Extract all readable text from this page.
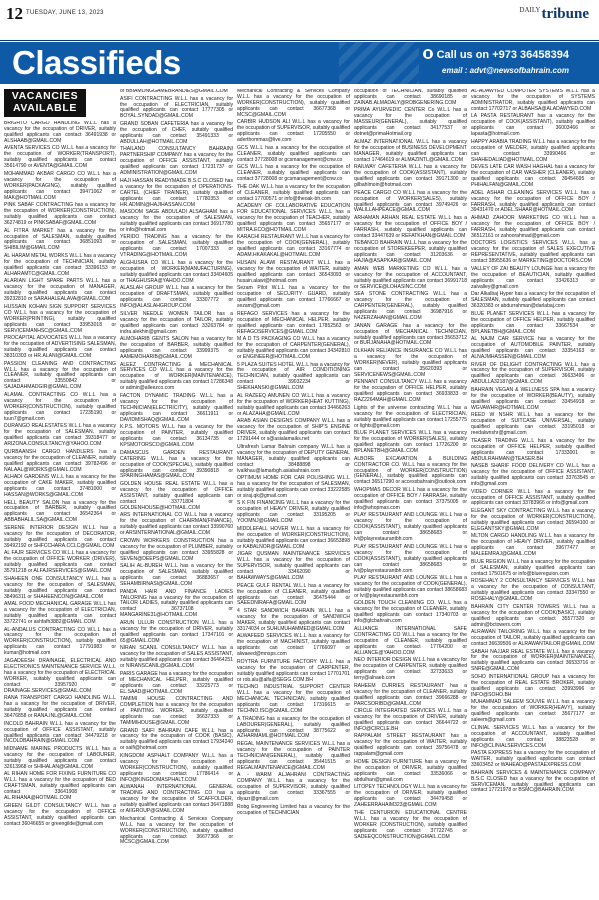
12 TUESDAY, JUNE 13, 2023	$^{DAILY}$tribune
Classifieds	Call us on +973 36458394
email : advt@newsofbahrain.com
VACANCIES AVAILABLE

BRIGHTO CARGO HANDLING W.L.L has a vacancy for the occupation of DRIVER, suitably qualified applicants can contact 36491938 or ALSHAAB@GMAIL.COM

AVENTA SERVICES CO W.L.L has a vacancy for the occupation of WORKER(TRANSPORT), suitably qualified applicants can contact 35614790 or AVENTA@GMAIL.COM

MOHAMMAD AKBAR CARGO CO W.L.L has a vacancy for the occupation of WORKER(PACKAGING), suitably qualified applicants can contact 39471062 or MAK@HOTMAIL.COM

PINK SABAF CONTRACTING has a vacancy for the occupation of WORKER(CONSTRUCTION), suitably qualified applicants can contact 36274819 or PINKSABAF@GMAIL.COM

AL FITRA MARKET has a vacancy for the occupation of SALESMAN, suitably qualified applicants can contact 36851093 or SHIBILIM@GMAIL.COM

AL HARAM METAL WORKS W.L.L has a vacancy for the occupation of TECHNICIAN, suitably qualified applicants can contact 33396153 or ALHARAMTC@GMAIL.COM

ALARIAN LIGHT SPARE PARTS W.L.L has a vacancy for the occupation of MANAGER, suitably qualified applicants can contact 39232810 or SARAHALEALAVA@GMAIL.COM

HUSSAIN KOHAN SIGN SUPPORT SERVICES CO W.L.L has a vacancy for the occupation of WORKER(PRINTING), suitably qualified applicants can contact 33953018 or SERVICEMANHSC@GMAIL.COM

PROCAPITAL ADVOCATES W.L.L has a vacancy for the occupation of ADVERTISING SALESMAN, suitably qualified applicants can contact 38310303 or HR.ALANI@GMAIL.COM

PASSION CLEANING AND CONTRACTING W.L.L has a vacancy for the occupation of CLEANER, suitably qualified applicants can contact 33550842 or SAJADAHMADGIR@GMAIL.COM

ALAMAL CONTRACTING CO W.L.L has a vacancy for the occupation of WORKER(CONSTRUCTION), suitably qualified applicants can contact 17235190 or tuun7@gmail.com

DURANGO REALESTATES W.L.L has a vacancy for the occupation of SALESMAN, suitably qualified applicants can contact 39318477 or ARIZONA.CONSULTANCY@YAHOO.COM

QURBAANSH CARGO HANDLERS has a vacancy for the occupation of CLEANER, suitably qualified applicants can contact 39782496 or NALAAL@WORKS@GMAIL.COM

ALHADI GARDENS W.L.L has a vacancy for the occupation of CAKE MAKER, suitably qualified applicants can contact 37481000 or HASSAN@WORKS@GMAIL.COM

HELL BEAUTY SALON has a vacancy for the occupation of BARBER, suitably qualified applicants can contact 36542364 or ABBABHALIL.SA@GMAIL.COM

SERENE INTERIOR DESIGN W.L.L has a vacancy for the occupation of DECORATOR, suitably qualified applicants can contact 39492192 or SHFCCHARA.CCLC@GMAIL.COM

AL FAJR SERVICES CO W.L.L has a vacancy for the occupation of OFFICE WORKER (DRIVER), suitably qualified applicants can contact 35791218 or ALFAJRSERVICES@GMAIL.COM

SHAHEEN ONE CONSULTANCY W.L.L has a vacancy for the occupation of SALESMAN, suitably qualified applicants can contact 38496311 or SHAHEENCON@GMAIL.COM

AMAL FOOD MECHANICAL GARAGE W.L.L has a vacancy for the occupation of ELECTRICIAN, suitably qualified applicants can contact 33722741 or ashfafh3882@GMAIL.COM

AL-ANDALUS CONTRACTING CO W.L.L has a vacancy for the occupation of WORKER(CONSTRUCTION), suitably qualified applicants can contact 17791983 or kumar@hotmail.com

JAGADEESH DRAINAGE, ELECTRICAL AND ELECTRONICS MAINTENANCE SERVICE W.L.L has a vacancy for the occupation of ELECTRICAL WORKER, suitably qualified applicants can contact 33957920 or DRAINAGE.SERVICES@GMAIL.COM

RANA TRANSPORT CARGO HANDLING W.L.L has a vacancy for the occupation of DRIVER, suitably qualified applicants can contact 36476858 or RANA.INL@GMAIL.COM

INCOLD BAHRAIN W.L.L has a vacancy for the occupation of OFFICE ASSISTANT, suitably qualified applicants can contact 34479218 or INCOLDBAHRAIN@GMAIL.COM

MIDNAME MARINE PRODUCTS W.L.L has a vacancy for the occupation of LABOURER, suitably qualified applicants can contact 32613968 or SHIHALAN@GMAIL.COM

AL RIHAN HOME FOR FIXING FURNITURE CO W.L.L has a vacancy for the occupation of BED CRAFTSMAN, suitably qualified applicants can contact 33641908 or AL.RIHANA@HOTMAIL.COM

GREEN GILDT CONSULTANCY W.L.L has a vacancy for the occupation of OFFICE ASSISTANT, suitably qualified applicants can contact 36046655 or greengilde@gmail.com

or BBIAMONGGAMEBRANDIES@GMAIL.COM

ASIFI CONTRACTING W.L.L has a vacancy for the occupation of ELECTRICIAN, suitably qualified applicants can contact 17777305 or BOYAL.SYNDAD@GMAIL.COM

GRAND SOBAN CAFETERIA has a vacancy for the occupation of CHEF, suitably qualified applicants can contact 35491333 or ABDULLAH@HOTMAIL.COM

THAILAND CONSULTANCY BAHRAINI PARTNERSHIP COMPANY has a vacancy for the occupation of OFFICE ASSISTANT, suitably qualified applicants can contact 17231737 or ADMINISTRATION@GMAIL.COM

HAJI HASSAN READYMADE B.S.C CLOSED has a vacancy for the occupation of OPERATIONS-CARTEL (CHIEF TRAINER), suitably qualified applicants can contact 17780353 or HR.ADMIN@HAJIHASSAN.COM

MASOOM SAGE ABDULADI ALSAGHAM has a vacancy for the occupation of SALESMAN, suitably qualified applicants can contact 36917780 or info@hotmail.com

YERIDO TRADING has a vacancy for the occupation of SALESMAN, suitably qualified applicants can contact 17007333 or VTRADING@HOTMAIL.COM

ALGHUSRA CO W.L.L has a vacancy for the occupation of WORKER(MANUFACTURING), suitably qualified applicants can contact 33404605 or THAGHUSRA@YAHOO.COM

ALASLAH GROUP W.L.L has a vacancy for the occupation of DRAFTSMAN, suitably qualified applicants can contact 33307772 or INFO@ALASLAHGROUP.COM

SILVER NEEDLE WOMEN TAILOR has a vacancy for the occupation of TAILOR, suitably qualified applicants can contact 33263784 or indra.alekhin@gmail.com

ALMOHARIB GENTS SALON has a vacancy for the occupation of BARBER, suitably qualified applicants can contact 33999375 or AAMEMOHARIB@GMAIL.COM

ALEEZ CONTRACTING & MECHANICAL SERVICES CO W.L.L has a vacancy for the occupation of WORKER(MAINTENANCE), suitably qualified applicants can contact 17286348 or admin@alleezco.com

FACTON DYNAMIC TRADING W.L.L has a vacancy for the occupation of TECHNICIAN(ELECTRICITY), suitably qualified applicants can contact 36611911 or DAVIDMISHAQ@GMAIL.COM

K.P.S. MOTORS W.L.L has a vacancy for the occupation of PAINTER, suitably qualified applicants can contact 36134735 or KPSMOTORSCO@GMAIL.COM

DAMASCUS GARDEN RESTAURANT CATERING W.L.L has a vacancy for the occupation of COOK(SPECIAL), suitably qualified applicants can contact 39390818 or SPARINGHAMAS@GMAIL.COM

GOLDEN HOUSE REAL ESTATE W.L.L has a vacancy for the occupation of OFFICE ASSISTANT, suitably qualified applicants can contact 33771804 or GOLDENHOUSE@HOTMAIL.COM

ARS INTERNATIONAL CO W.L.L has a vacancy for the occupation of CHAIRMAN(FINANCE), suitably qualified applicants can contact 33990760 or ARSINTERNATIONAL@GMAIL.COM

CROWN WORKERS CONSTRUCTION has a vacancy for the occupation of PLUMBER, suitably qualified applicants can contact 33955828 or SEVEN@DEEPS@GMAIL.COM

SALIH AL-BUREH W.L.L has a vacancy for the occupation of SALESMAN, suitably qualified applicants can contact 36883657 or SEHAMBIRNASI@GMAIL.COM

PANDA HAIR AND FINANCE LADIES TAILORING has a vacancy for the occupation of TAILOR LADIES, suitably qualified applicants can contact 36737108 or MANGARINE31@HOTMAIL.COM

ARUN ULLUR CONSTRUCTION W.L.L has a vacancy for the occupation of DRIVER, suitably qualified applicants can contact 17347101 or 65@GMAIL.COM

NIRAN SCANIL CONSULTANCY W.L.L has a vacancy for the occupation of SALES ASSISTANT, suitably qualified applicants can contact 36464251 or NIRANSCANIL@GMAIL.COM

PARIS GARAGE has a vacancy for the occupation of MECHANICAL HELPER, suitably qualified applicants can contact 33225773 or EL.SAAD@HOTMAIL.COM

TAMIMI HOUSE CONTRACTING AND COMPLETION has a vacancy for the occupation of PAINTING WORKER, suitably qualified applicants can contact 36637333 or TAMIMIHOUSE@GMAIL.COM

GRAND SAIFI BAHRAIN CAFE W.L.L has a vacancy for the occupation of COOK (BASIC), suitably qualified applicants can contact 17934240 or saifi@hotmail.com

KINGDOM ASPHALT COMPANY W.L.L has a vacancy for the occupation of WORKER(CONSTRUCTION), suitably qualified applicants can contact 17786414 or INFO@KINGDOMASPHALT.COM

ALWANAH INTERNATIONAL GENERAL TRADING AND CONTRACTING CO has a vacancy for the occupation of SCAFFOLDER, suitably qualified applicants can contact 36471888 or AIIGROUP@GMAIL.COM

Mechanical Contracting & Services Company W.L.L has a vacancy for the occupation of WORKER(CONSTRUCTION), suitably qualified applicants can contact 36677368 or MCSC@GMAIL.COM

Mechanical Contracting & Services Company W.L.L has a vacancy for the occupation of WORKER(CONSTRUCTION), suitably qualified applicants can contact 36677368 or MCSC@GMAIL.COM

CARBIR HUDSON ALI W.L.L has a vacancy for the occupation of SUPERVISOR, suitably qualified applicants can contact 17205550 or aderthommas@live.com

GCS W.L.L has a vacancy for the occupation of CLEANER, suitably qualified applicants can contact 37728008 or gcsmanagement@cnw.co

GCS W.L.L has a vacancy for the occupation of CLEANER, suitably qualified applicants can contact 37728008 or gcsmanagement@cnw.co

THE OAK W.L.L has a vacancy for the occupation of CLEANER, suitably qualified applicants can contact 17700571 or info@theoak-bh.com

ACADEMY OF COLLABORATIVE EDUCATION FOR EDUCATIONAL SERVICES W.L.L has a vacancy for the occupation of TEACHER, suitably qualified applicants can contact 35657177 or MITRA.ECO@HOTMAIL.COM

KARACHI RESTAURANT W.L.L has a vacancy for the occupation of COOK(GENERAL), suitably qualified applicants can contact 33167774 or ADAM.HKAKAKAL@HOTMAIL.COM

HUSAIN ALAWI RESTAURANT W.L.L has a vacancy for the occupation of WAITER, suitably qualified applicants can contact 36543093 or husain.alawi@hotmail.com

Sezam Pilot W.L.L has a vacancy for the occupation of SECURITY GUARD, suitably qualified applicants can contact 17766667 or sezam@gmail.com

REFAGO SERVICES has a vacancy for the occupation of MECHANICAL HELPER, suitably qualified applicants can contact 17852563 or REFAGOSERVICES@GMAIL.COM

M A D TS PACKAGING CO W.L.L has a vacancy for the occupation of CARPENTER(GENERAL), suitably qualified applicants can contact 34342810 or ENGINEER@HOTMAIL.COM

5 PLAZA SUITES HOTEL W.L.L has a vacancy for the occupation of AIR CONDITIONING TECHNICIAN, suitably qualified applicants can contact 39032234 or SHEKHANSKI@GMAIL.COM

AL RAZEEQ AMUNEN CO W.L.L has a vacancy for the occupation of WORKER(HEAT KUTTING), suitably qualified applicants can contact 34466263 or ALAZAHA@GMAIL.COM

ARAB ASIAN DESIGNS COMPANY W.L.L has a vacancy for the occupation of SHIP'S ENGINE DRIVER, suitably qualified applicants can contact 17291444 or s@asialamaiks.net

Ultrafresh Lamar Bahrain company W.L.L has a vacancy for the occupation of DEPUTY GENERAL MANAGER, suitably qualified applicants can contact 38488898 or lvalkhau@lamarbgh.asiabahrain.com

OPTIMUM HOME FOR CAR POLISHING W.L.L has a vacancy for the occupation of SALESMAN, suitably qualified applicants can contact 33222585 or siraj.qk@gmail.com

S K FIN FINANCING W.L.L has a vacancy for the occupation of HEAVY DRIVER, suitably qualified applicants can contact 33195205 or YOOMNJ@GMAIL.COM

MIDDLEFALL HOVER W.L.L has a vacancy for the occupation of WORKER(CONSTRUCTION), suitably qualified applicants can contact 36653898 or KABALNOR@GMAIL.COM

JIGAR QUSMAN MAINTENANCE SERVICES W.L.L has a vacancy for the occupation of SUPERVISOR, suitably qualified applicants can contact 33462090 or BAHAWWAYS@GMAIL.COM

PEACE GULF RENTAL W.L.L has a vacancy for the occupation of CLEANER, suitably qualified applicants can contact 36475444 or SAEEDNIRAFA@GMAIL.COM

4 STAR SANDWICH BAHRAIN W.L.L has a vacancy for the occupation of SANDWICH MAKER, suitably qualified applicants can contact 33174034 or SUHLMUHAMMED@GMAIL.COM

ALWAFEED SERVICES W.L.L has a vacancy for the occupation of MACHINIST, suitably qualified applicants can contact 17766097 or alwaeed@mnsps.com

ROYTRA FURNITURE FACTORY W.L.L has a vacancy for the occupation of CARPENTER, suitably qualified applicants can contact 17701701 or rob.alu@alfa@SEGG.COM.BH

TECHNO INDUSTRIAL SUPPORT CENTER W.L.L has a vacancy for the occupation of MECHANICAL TECHNICIAN, suitably qualified applicants can contact 17316615 or TECHNO.ISC@GMAIL.COM

A TRADING has a vacancy for the occupation of LABOURER(GENERAL), suitably qualified applicants can contact 38775622 or AZHARMAML@HOTMAIL.COM

REGAL MAINTENANCE SERVICES W.L.L has a vacancy for the occupation of PAINTER TECHNICIAN(GENERAL), suitably qualified applicants can contact 35441515 or REGALMAINTENANCE@GMAIL.COM

A - WARM ALJAHRANI CONTRACTING COMPANY W.L.L has a vacancy for the occupation of SUPERVISOR, suitably qualified applicants can contact 33367555 or diyazr@gmail.com

Robg Engineering Limited has a vacancy for the occupation of TECHNICIAN

occupation of TECHNICIAN, suitably qualified applicants can contact 38690185 or ZAINAB.ALMADALY@ROBGENERING.COM

PRIMA AYURVEDIC CENTER Co W.L.L has a vacancy for the occupation of MASSEUR(GENERAL), suitably qualified applicants can contact 34177537 or dotnet@primaHotmail.org

ALMAZ INTERNATIONAL W.L.L has a vacancy for the occupation of BUSINESS DEVELOPMENT MANAGER, suitably qualified applicants can contact 17464619 or ALMAZINTL@GMAIL.COM

RAILWAY CAFETERIA W.L.L has a vacancy for the occupation of COOK(ASSISTANT), suitably qualified applicants can contact 39171300 or gilbahlmoin@hotmail.com

PEACE CARGO CO W.L.L has a vacancy for the occupation of WORKER(SALES), suitably qualified applicants can contact 39749426 or WALILLAHPEACE@GMAIL.COM

ARHAMAN ARHAN REAL ESTATE W.L.L has a vacancy for the occupation of OFFICE BOY / FARRASH, suitably qualified applicants can contact 33447639 or REFATKHAN@GMAIL.COM

TEBANCO BAHRAIN W.L.L has a vacancy for the occupation of STOREKEEPER, suitably qualified applicants can contact 31203636 or HAJIA@ASAPKAR@GMAIL.COM

AMAN WEB MARKETING CO W.L.L has a vacancy for the occupation of ACCOUNTANT, suitably qualified applicants can contact 36991718 or SERVICE@LOHASINC.COM

SEA STONE CONTRACTING W.L.L has a vacancy for the occupation of CARPENTER(GENERAL), suitably qualified applicants can contact 36987916 or N4ZERZAHAN@GMAIL.COM

JANAN GARAGE has a vacancy for the occupation of MECHANICAL TECHNICIAN, suitably qualified applicants can contact 35653712 or BURJANAHA@HOTMAIL.COM

DLKHAN RELIANCE INSURANCE CO W.L.L has a vacancy for the occupation of WORKER(NEVER), suitably qualified applicants can contact 35620393 or SERVICENEWS@GMAIL.COM

PENNANT CONSULTANCY W.L.L has a vacancy for the occupation of OFFICE HELPER, suitably qualified applicants can contact 36933833 or RAZ2264MAH@GMAIL.COM

Lights of the universe contracting W.L.L has a vacancy for the occupation of ELECTRICIAN, suitably qualified applicants can contact 17255775 or lights@gmail.com

BLUE PLANET SERVICES W.L.L has a vacancy for the occupation of WORKER(SALES), suitably qualified applicants can contact 17726200 or BPLANETBH@GMAIL.COM

ALBORE EXCAVATION & BUILDING CONTRACTOR CO. W.L.L has a vacancy for the occupation of WORKER(CONSTRUCTION)(GENERAL), suitably qualified applicants can contact 36517290 or accessbahrain@outlook.com

WHOPMAS DECOR W.L.L has a vacancy for the occupation of OFFICE BOY / FARRASH, suitably qualified applicants can contact 37375005 or info@whopmas.com

PLAY RESTAURANT AND LOUNGE W.L.L has a vacancy for the occupation of COOK(ASSISTANT), suitably qualified applicants can contact 38658683 or lvi@playrestaurantbh.com

PLAY RESTAURANT AND LOUNGE W.L.L has a vacancy for the occupation of COOK(ASSISTANT), suitably qualified applicants can contact 38658683 or lvi@playrestaurantbh.com

PLAY RESTAURANT AND LOUNGE W.L.L has a vacancy for the occupation of COOK(GENERAL), suitably qualified applicants can contact 38658683 or lvi@playrestaurantbh.com

GOLDEN TOUCH CLEANING CO. W.L.L has a vacancy for the occupation of CLEANER, suitably qualified applicants can contact 17340703 or info@gtcbahrain.com

ALLIANCE INTERNATIONAL SAFE CONTRACTING CO W.L.L has a vacancy for the occupation of CLEANER, suitably qualified applicants can contact 17764200 or ALLIANCE@YAHOO.COM

NEO INTERIOR DESIGN W.L.L has a vacancy for the occupation of CARPENTER, suitably qualified applicants can contact 32733633 or terry@alnaeb.com

RAHEEM CURRIES RESTAURANT has a vacancy for the occupation of CLEANER, suitably qualified applicants can contact 39666288 or PARCSORIBD@GMAIL.COM

CIRCLE INTEGRATED SERVICES W.L.L has a vacancy for the occupation of DRIVER, suitably qualified applicants can contact 36644722 or INFO@CIRCLE.BH

RAPPALAM STREET RESTAURANT has a vacancy for the occupation of WAITER, suitably qualified applicants can contact 39756478 or rappalam@gmail.com

HOME DESIGN FURNITURE has a vacancy for the occupation of DRIVER, suitably qualified applicants can contact 33536066 or abdulhan@gmail.com

LITOPEY TECHNOLOGY W.L.L has a vacancy for the occupation of DRIVER, suitably qualified applicants can contact 34479458 or ZAHEERRAHAIM323@GMAIL.COM

THE CENTURION EDUCATIONAL CENTRE W.L.L has a vacancy for the occupation of WORKER (CONSTRUCTION), suitably qualified applicants can contact 37722745 or SADEEQCONSTRUCTION@GMAIL.COM

AL-ADAWYED COMPUTER SYSTEMS W.L.L has a vacancy for the occupation of SYSTEMS ADMINISTRATOR, suitably qualified applicants can contact 17702717 or ALBAHSA@ALADAWYED.COM

LA PASTA RESTAURANT has a vacancy for the occupation of COOK(ASSISTANT), suitably qualified applicants can contact 36003466 or lapasta@hotmail.com

HAPPY ARABIA TRADING W.L.L has a vacancy for the occupation of WELDER, suitably qualified applicants can contact 33990466 or SHAHEDALIAD@HOTMAIL.COM

DEVES LATE CAR WASH HAGHAL has a vacancy for the occupation of CAR WASHER (CLEANER), suitably qualified applicants can contact 39454695 or PHIHALFAN@GMAIL.COM

ADEL ASHAR CLEANING SERVICES W.L.L has a vacancy for the occupation of OFFICE BOY / FARRASH, suitably qualified applicants can contact 39431470 or ADEL.SHAAR@HOTMAIL.COM

AHMAD ZAHOOR MARKETING CO W.L.L has a vacancy for the occupation of OFFICE BOY / FARRASH, suitably qualified applicants can contact 36512161 or zahoorahmad@gmail.com

DOCTORS LOGISTICS SERVICES W.L.L has a vacancy for the occupation of SALES EXECUTIVE REPRESENTATIVE, suitably qualified applicants can contact 38955636 or MARKETING@DOCTORS.COM

VALLEY OF ZAI BEAUTY LOUNGE has a vacancy for the occupation of BEAUTICIAN, suitably qualified applicants can contact 33426313 or zaivalley@gmail.com

Dar Alkalbaj Hyper has a vacancy for the occupation of SALESMAN, suitably qualified applicants can contact 36320383 or abdurrahman@darlabaj.com

BLUE PLANET SERVICES W.L.L has a vacancy for the occupation of OFFICE HELPER, suitably qualified applicants can contact 33667534 or BPLANETBH@GMAIL.COM

AL NAJM CAR SERVICE has a vacancy for the occupation of AUTOMOBILE PAINTER, suitably qualified applicants can contact 33354163 or ALNAJMHASSEN@GMAIL.COM

RIVER OF DELIGHT CONTRACTING W.L.L has a vacancy for the occupation of SUPERVISOR, suitably qualified applicants can contact 36633496 or ABDULLA32187@GMAIL.COM

BAHRAIN VEGAN & WELLNESS SPA has a vacancy for the occupation of WORKER(BEAUTY), suitably qualified applicants can contact 33454918 or WGVAWHR@HOTMAIL.COM

REED W NSHR W.L.L has a vacancy for the occupation of SUITCASE UNIVERSAL, suitably qualified applicants can contact 33195018 or reedalwnshr@gmail.com

TEASER TRADING W.L.L has a vacancy for the occupation of OFFICE HELPER, suitably qualified applicants can contact 17333001 or ABDULRAHMAN@TEASER.BH

NASEB SHARIF FOOD DELIVERY CO W.L.L has a vacancy for the occupation of OFFICE ASSISTANT, suitably qualified applicants can contact 33763545 or info@gmail.com

VIDEO CORNER W.L.L has a vacancy for the occupation of OFFICE ASSISTANT, suitably qualified applicants can contact 33783966 or info@gmail.com

ELEGANT SKY CONTRACTING W.L.L has a vacancy for the occupation of WORKER(CONSTRUCTION), suitably qualified applicants can contact 36594100 or ELEGANTSKY@GMAIL.COM

MLTON CARGO HANDLING W.L.L has a vacancy for the occupation of HEAVY DRIVER, suitably qualified applicants can contact 39677477 or MALEEMRAJ@GMAIL.COM

BLUE REGION W.L.L has a vacancy for the occupation of SALESMAN, suitably qualified applicants can contact 17501675 or info@bluereguion.com

ROSEHALY 2 CONSULTANCY SERVICES W.L.L has a vacancy for the occupation of CONSULTANT, suitably qualified applicants can contact 33347550 or ROSEHALY@GMAIL.COM

BAHRAIN CITY CENTER TOWERS W.L.L has a vacancy for the occupation of COOK(BASIC), suitably qualified applicants can contact 35577320 or admin@bctowers.com

ALRAWAN TAILORING W.L.L has a vacancy for the occupation of TAILOR, suitably qualified applicants can contact 36639506 or ALRAWANTAILOR@GMAIL.COM

SABAH NAJJAR REAL ESTATE W.L.L has a vacancy for the occupation of WORKER(MAINTENANCE), suitably qualified applicants can contact 36533716 or SNRE@GMAIL.COM

SOHO INTERNATIONAL GROUP has a vacancy for the occupation of REAL ESTATE BROKER, suitably qualified applicants can contact 33993996 or INFO@SOHO.BH

MUHAMMAD SALEEM SOUVIE W.L.L has a vacancy for the occupation of WORKER(HEAVY), suitably qualified applicants can contact 35677177 or saleem@gmail.com

CLINIAL SERVICES W.L.L has a vacancy for the occupation of ACCOUNTANT, suitably qualified applicants can contact 38823528 or INFO@CLINIALSERVICES.COM

PASTA EXPRESS has a vacancy for the occupation of WAITER, suitably qualified applicants can contact 33603452 or WAHEAD@PASTAEXPRESS.COM

BAHRAIN SERVICES & MAINTENANCE COMPANY B.S.C CLOSED has a vacancy for the occupation of SERVICEMAN, suitably qualified applicants can contact 17721978 or BSMC@BAHRAIN.COM
